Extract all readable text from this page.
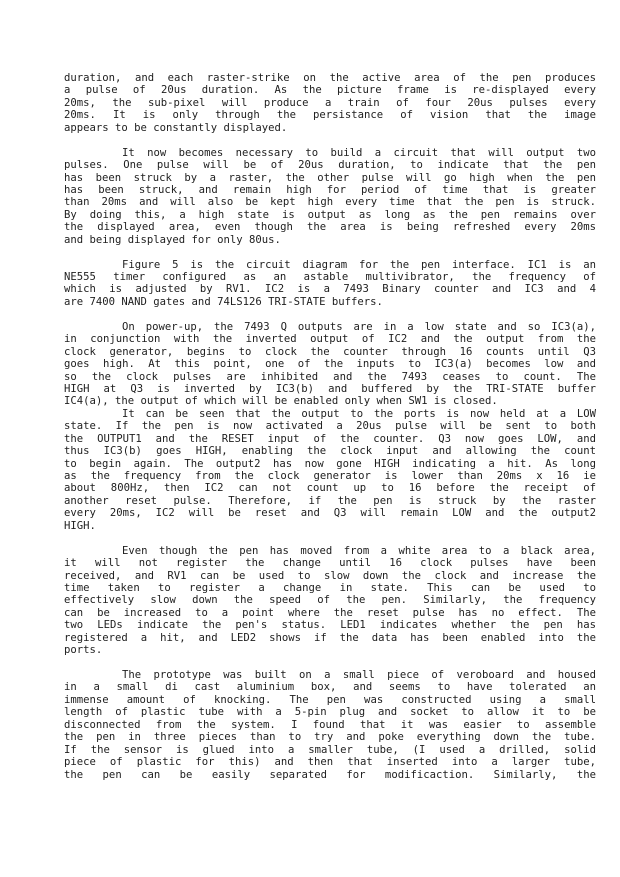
duration, and each raster-strike on the active area of the pen produces
a pulse of 20us duration. As the picture frame is re-displayed every
20ms, the sub-pixel will produce a train of four 20us pulses every
20ms. It is only through the persistance of vision that the image
appears to be constantly displayed.
It now becomes necessary to build a circuit that will output two
pulses. One pulse will be of 20us duration, to indicate that the pen
has been struck by a raster, the other pulse will go high when the pen
has been struck, and remain high for period of time that is greater
than 20ms and will also be kept high every time that the pen is struck.
By doing this, a high state is output as long as the pen remains over
the displayed area, even though the area is being refreshed every 20ms
and being displayed for only 80us.
Figure 5 is the circuit diagram for the pen interface. IC1 is an
NE555 timer configured as an astable multivibrator, the frequency of
which is adjusted by RV1. IC2 is a 7493 Binary counter and IC3 and 4
are 7400 NAND gates and 74LS126 TRI-STATE buffers.
On power-up, the 7493 Q outputs are in a low state and so IC3(a),
in conjunction with the inverted output of IC2 and the output from the
clock generator, begins to clock the counter through 16 counts until Q3
goes high. At this point, one of the inputs to IC3(a) becomes low and
so the clock pulses are inhibited and the 7493 ceases to count. The
HIGH at Q3 is inverted by IC3(b) and buffered by the TRI-STATE buffer
IC4(a), the output of which will be enabled only when SW1 is closed.
It can be seen that the output to the ports is now held at a LOW
state. If the pen is now activated a 20us pulse will be sent to both
the OUTPUT1 and the RESET input of the counter. Q3 now goes LOW, and
thus IC3(b) goes HIGH, enabling the clock input and allowing the count
to begin again. The output2 has now gone HIGH indicating a hit. As long
as the frequency from the clock generator is lower than 20ms x 16 ie
about 800Hz, then IC2 can not count up to 16 before the receipt of
another reset pulse. Therefore, if the pen is struck by the raster
every 20ms, IC2 will be reset and Q3 will remain LOW and the output2
HIGH.
Even though the pen has moved from a white area to a black area,
it will not register the change until 16 clock pulses have been
received, and RV1 can be used to slow down the clock and increase the
time taken to register a change in state. This can be used to
effectively slow down the speed of the pen. Similarly, the frequency
can be increased to a point where the reset pulse has no effect. The
two LEDs indicate the pen's status. LED1 indicates whether the pen has
registered a hit, and LED2 shows if the data has been enabled into the
ports.
The prototype was built on a small piece of veroboard and housed
in a small di cast aluminium box, and seems to have tolerated an
immense amount of knocking. The pen was constructed using a small
length of plastic tube with a 5-pin plug and socket to allow it to be
disconnected from the system. I found that it was easier to assemble
the pen in three pieces than to try and poke everything down the tube.
If the sensor is glued into a smaller tube, (I used a drilled, solid
piece of plastic for this) and then that inserted into a larger tube,
the pen can be easily separated for modificaction. Similarly, the
